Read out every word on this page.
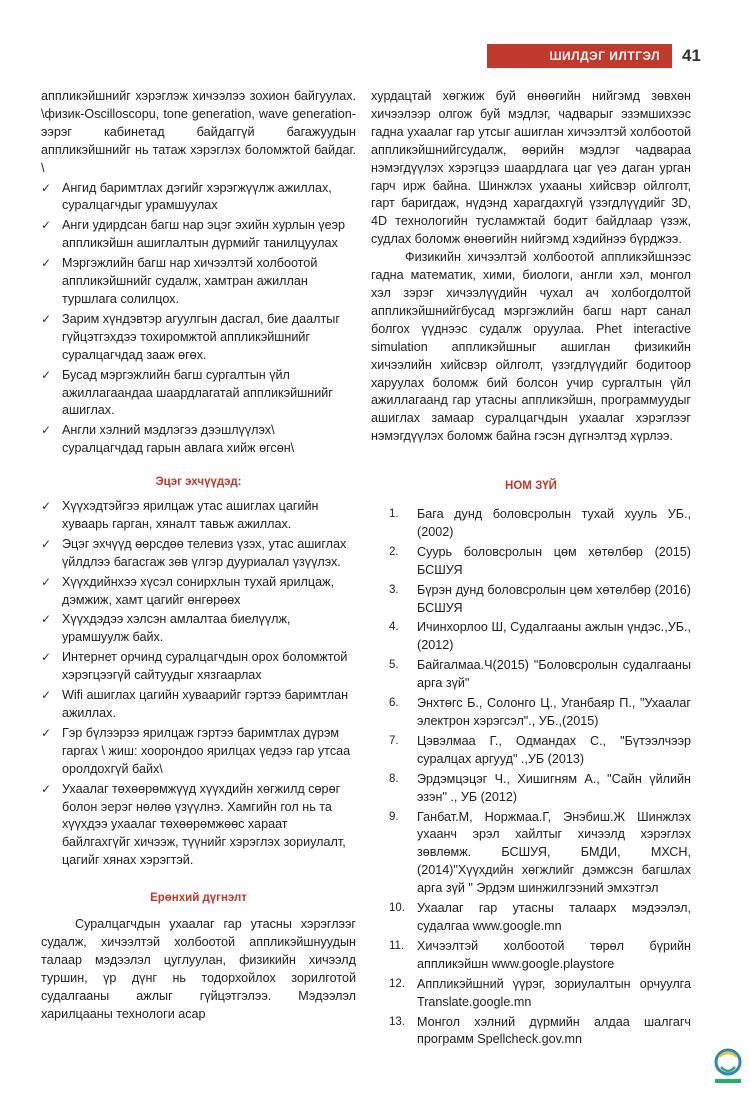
ШИЛДЭГ ИЛТГЭЛ 41

аппликэйшнийг хэрэглэж хичээлээ зохион байгуулах. \физик-Oscilloscopu, tone generation, wave generation-ээрэг кабинетад байдаггүй багажуудын аппликэйшнийг нь татаж хэрэглэх боломжтой байдаг. \

✓ Ангид баримтлах дэгийг хэрэгжүүлж ажиллах, суралцагчдыг урамшуулах
✓ Анги удирдсан багш нар эцэг эхийн хурлын үеэр аппликэйшн ашиглалтын дүрмийг танилцуулах
✓ Мэргэжлийн багш нар хичээлтэй холбоотой аппликэйшнийг судалж, хамтран ажиллан туршлага солилцох.
✓ Зарим хүндэвтэр агуулгын дасгал, бие даалтыг гүйцэтгэхдээ тохиромжтой аппликэйшнийг суралцагчдад зааж өгөх.
✓ Бусад мэргэжлийн багш сургалтын үйл ажиллагаандаа шаардлагатай аппликэйшнийг ашиглах.
✓ Англи хэлний мэдлэгээ дээшлүүлэх\ суралцагчдад гарын авлага хийж өгсөн\
Эцэг эхчүүдэд:
✓ Хүүхэдтэйгээ ярилцаж утас ашиглах цагийн хуваарь гарган, хяналт тавьж ажиллах.
✓ Эцэг эхчүүд өөрсдөө телевиз үзэх, утас ашиглах үйлдлээ багасгаж зөв үлгэр дууриалал үзүүлэх.
✓ Хүүхдийнхээ хүсэл сонирхлын тухай ярилцаж, дэмжиж, хамт цагийг өнгөрөөх
✓ Хүүхдэдээ хэлсэн амлалтаа биелүүлж, урамшуулж байх.
✓ Интернет орчинд суралцагчдын орох боломжтой хэрэгцээгүй сайтуудыг хязгаарлах
✓ Wifi ашиглах цагийн хуваарийг гэртээ баримтлан ажиллах.
✓ Гэр бүлээрээ ярилцаж гэртээ баримтлах дүрэм гаргах \ жиш: хоорондоо ярилцах үедээ гар утсаа оролдохгүй байх\
✓ Ухаалаг төхөөрөмжүүд хүүхдийн хөгжилд сөрөг болон эерэг нөлөө үзүүлнэ. Хамгийн гол нь та хүүхдээ ухаалаг төхөөрөмжөөс хараат байлгахгүйг хичээж, түүнийг хэрэглэх зориулалт, цагийг хянах хэрэгтэй.
Ерөнхий дүгнэлт

Суралцагчдын ухаалаг гар утасны хэрэглээг судалж, хичээлтэй холбоотой аппликэйшнуудын талаар мэдээлэл цуглуулан, физикийн хичээлд туршин, үр дүнг нь тодорхойлох зорилготой судалгааны ажлыг гүйцэтгэлээ. Мэдээлэл харилцааны технологи асар

хурдацтай хөгжиж буй өнөөгийн нийгэмд зөвхөн хичээлээр олгож буй мэдлэг, чадварыг эзэмшихээс гадна ухаалаг гар утсыг ашиглан хичээлтэй холбоотой аппликэйшнийгсудалж, өөрийн мэдлэг чадвараа нэмэгдүүлэх хэрэгцээ шаардлага цаг үеэ даган урган гарч ирж байна. Шинжлэх ухааны хийсвэр ойлголт, гарт баригдаж, нүдэнд харагдахгүй үзэгдлүүдийг 3D, 4D технологийн тусламжтай бодит байдлаар үзэж, судлах боломж өнөөгийн нийгэмд хэдийнээ бүрджээ.

Физикийн хичээлтэй холбоотой аппликэйшнээс гадна математик, хими, биологи, англи хэл, монгол хэл зэрэг хичээлүүдийн чухал ач холбогдолтой аппликэйшнийгбусад мэргэжлийн багш нарт санал болгох үүднээс судалж оруулаа. Phet interactive simulation аппликэйшныг ашиглан физикийн хичээлийн хийсвэр ойлголт, үзэгдлүүдийг бодитоор харуулах боломж бий болсон учир сургалтын үйл ажиллагаанд гар утасны аппликэйшн, программуудыг ашиглах замаар суралцагчдын ухаалаг хэрэглээг нэмэгдүүлэх боломж байна гэсэн дүгнэлтэд хүрлээ.

НОМ ЗҮЙ
1.	Бага дунд боловсролын тухай хууль УБ.,(2002)
2.	Суурь боловсролын цөм хөтөлбөр (2015) БСШУЯ
3.	Бүрэн дунд боловсролын цөм хөтөлбөр (2016) БСШУЯ
4.	Ичинхорлоо Ш, Судалгааны ажлын үндэс.,УБ., (2012)
5.	Байгалмаа.Ч(2015) "Боловсролын судалгааны арга зүй"
6.	Энхтөгс Б., Солонго Ц., Уганбаяр П., "Ухаалаг электрон хэрэгсэл"., УБ.,(2015)
7.	Цэвэлмаа Г., Одмандах С., "Бүтээлчээр суралцах аргууд" .,УБ (2013)
8.	Эрдэмцэцэг Ч., Хишигням А., "Сайн үйлийн эзэн" ., УБ (2012)
9.	Ганбат.М, Норжмаа.Г, Энэбиш.Ж Шинжлэх ухаанч эрэл хайлтыг хичээлд хэрэглэх зөвлөмж. БСШУЯ, БМДИ, МХСН, (2014)"Хүүхдийн хөгжлийг дэмжсэн багшлах арга зүй " Эрдэм шинжилгээний эмхэтгэл
10. Ухаалаг гар утасны талаарх мэдээлэл, судалгаа www.google.mn
11.	Хичээлтэй холбоотой төрөл бүрийн аппликэйшн www.google.playstore
12. Аппликэйшний үүрэг, зориулалтын орчуулга Translate.google.mn
13. Монгол хэлний дүрмийн алдаа шалгагч программ Spellcheck.gov.mn
